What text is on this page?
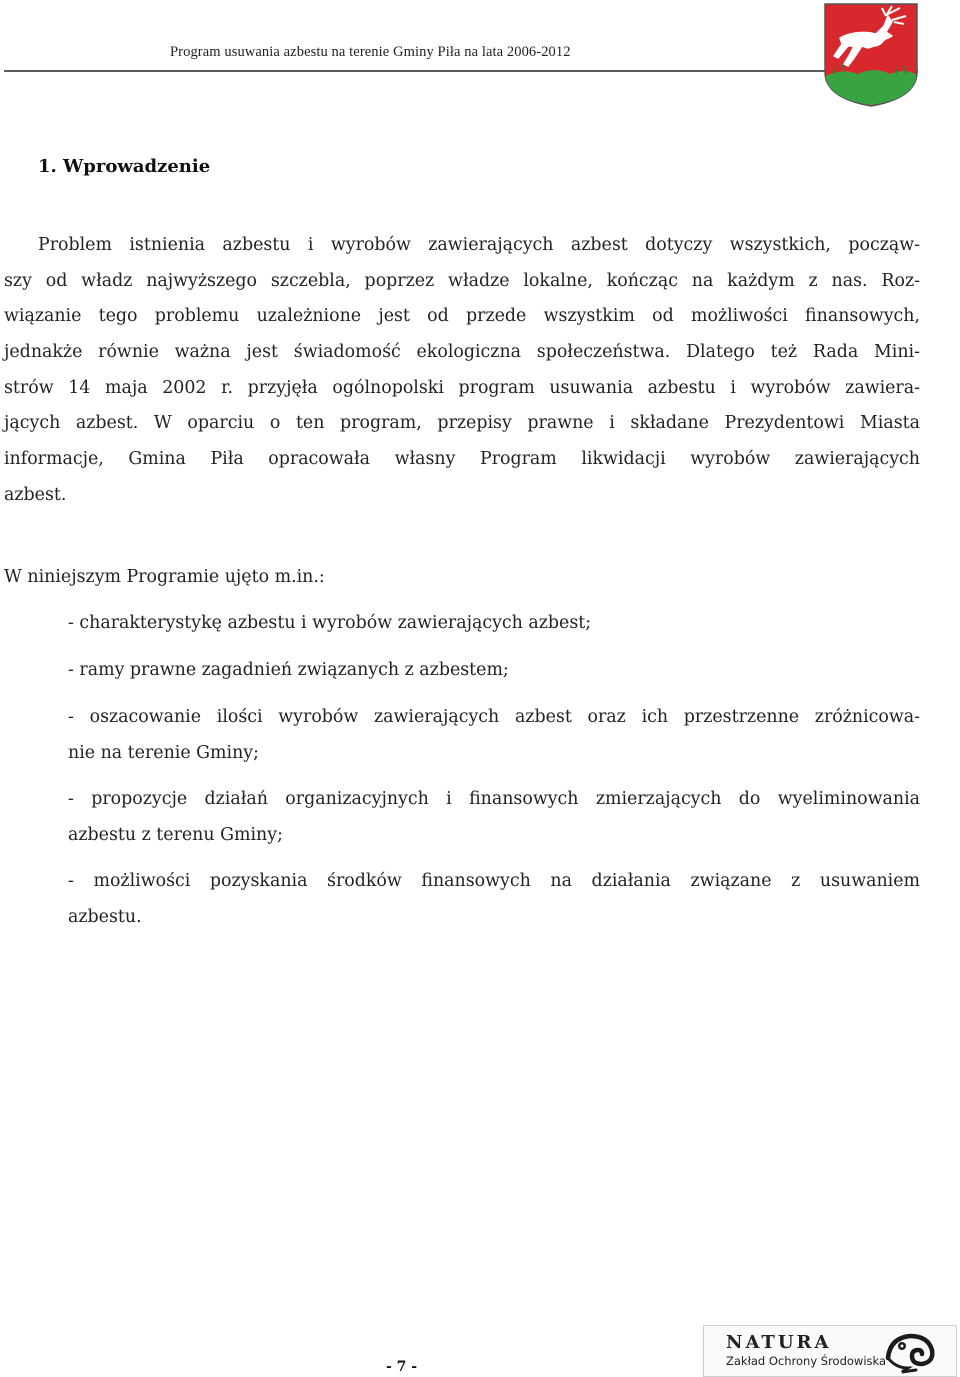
Program usuwania azbestu na terenie Gminy Piła na lata 2006-2012
1. Wprowadzenie
Problem istnienia azbestu i wyrobów zawierających azbest dotyczy wszystkich, począw-
szy od władz najwyższego szczebla, poprzez władze lokalne, kończąc na każdym z nas. Roz-
wiązanie tego problemu uzależnione jest od przede wszystkim od możliwości finansowych,
jednakże równie ważna jest świadomość ekologiczna społeczeństwa. Dlatego też Rada Mini-
strów 14 maja 2002 r. przyjęła ogólnopolski program usuwania azbestu i wyrobów zawiera-
jących azbest. W oparciu o ten program, przepisy prawne i składane Prezydentowi Miasta
informacje, Gmina Piła opracowała własny Program likwidacji wyrobów zawierających
azbest.
W niniejszym Programie ujęto m.in.:
- charakterystykę azbestu i wyrobów zawierających azbest;
- ramy prawne zagadnień związanych z azbestem;
- oszacowanie ilości wyrobów zawierających azbest oraz ich przestrzenne zróżnicowa-
nie na terenie Gminy;
- propozycje działań organizacyjnych i finansowych zmierzających do wyeliminowania
azbestu z terenu Gminy;
- możliwości pozyskania środków finansowych na działania związane z usuwaniem
azbestu.
- 7 -
NATURA
Zakład Ochrony Środowiska
